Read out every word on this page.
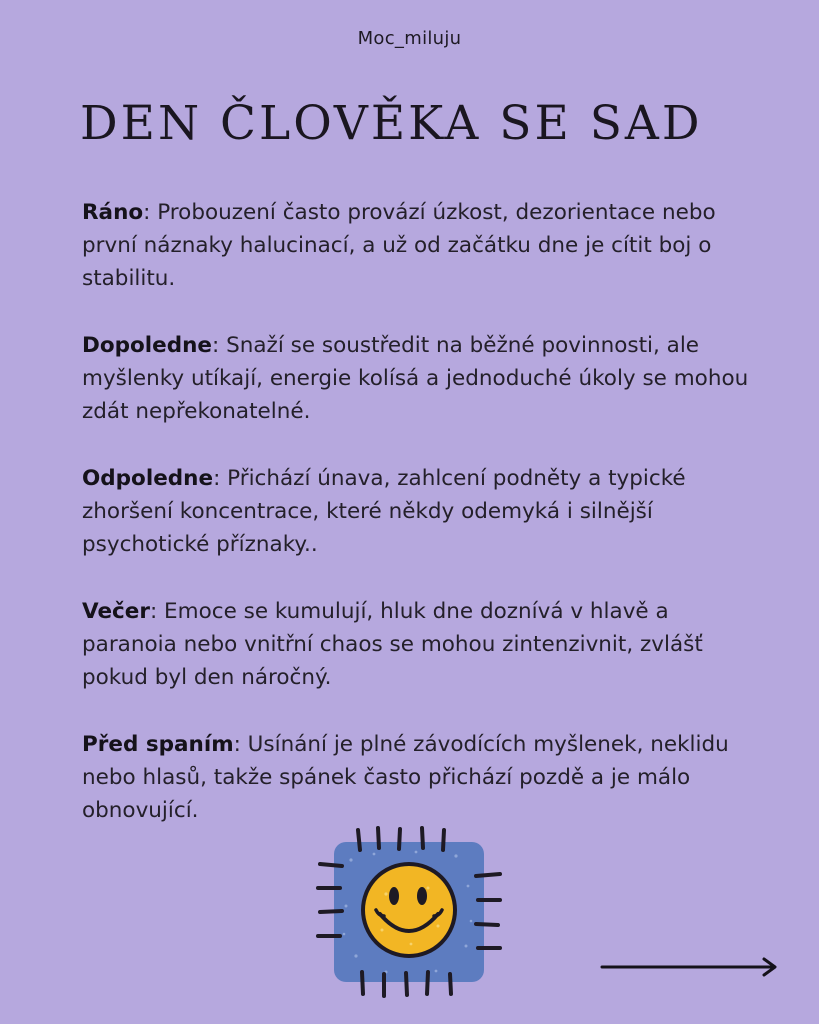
Moc_miluju
DEN ČLOVĚKA SE SAD

Ráno: Probouzení často provází úzkost, dezorientace nebo první náznaky halucinací, a už od začátku dne je cítit boj o stabilitu.

Dopoledne: Snaží se soustředit na běžné povinnosti, ale myšlenky utíkají, energie kolísá a jednoduché úkoly se mohou zdát nepřekonatelné.

Odpoledne: Přichází únava, zahlcení podněty a typické zhoršení koncentrace, které někdy odemyká i silnější psychotické příznaky..

Večer: Emoce se kumulují, hluk dne doznívá v hlavě a paranoia nebo vnitřní chaos se mohou zintenzivnit, zvlášť pokud byl den náročný.

Před spaním: Usínání je plné závodících myšlenek, neklidu nebo hlasů, takže spánek často přichází pozdě a je málo obnovující.
